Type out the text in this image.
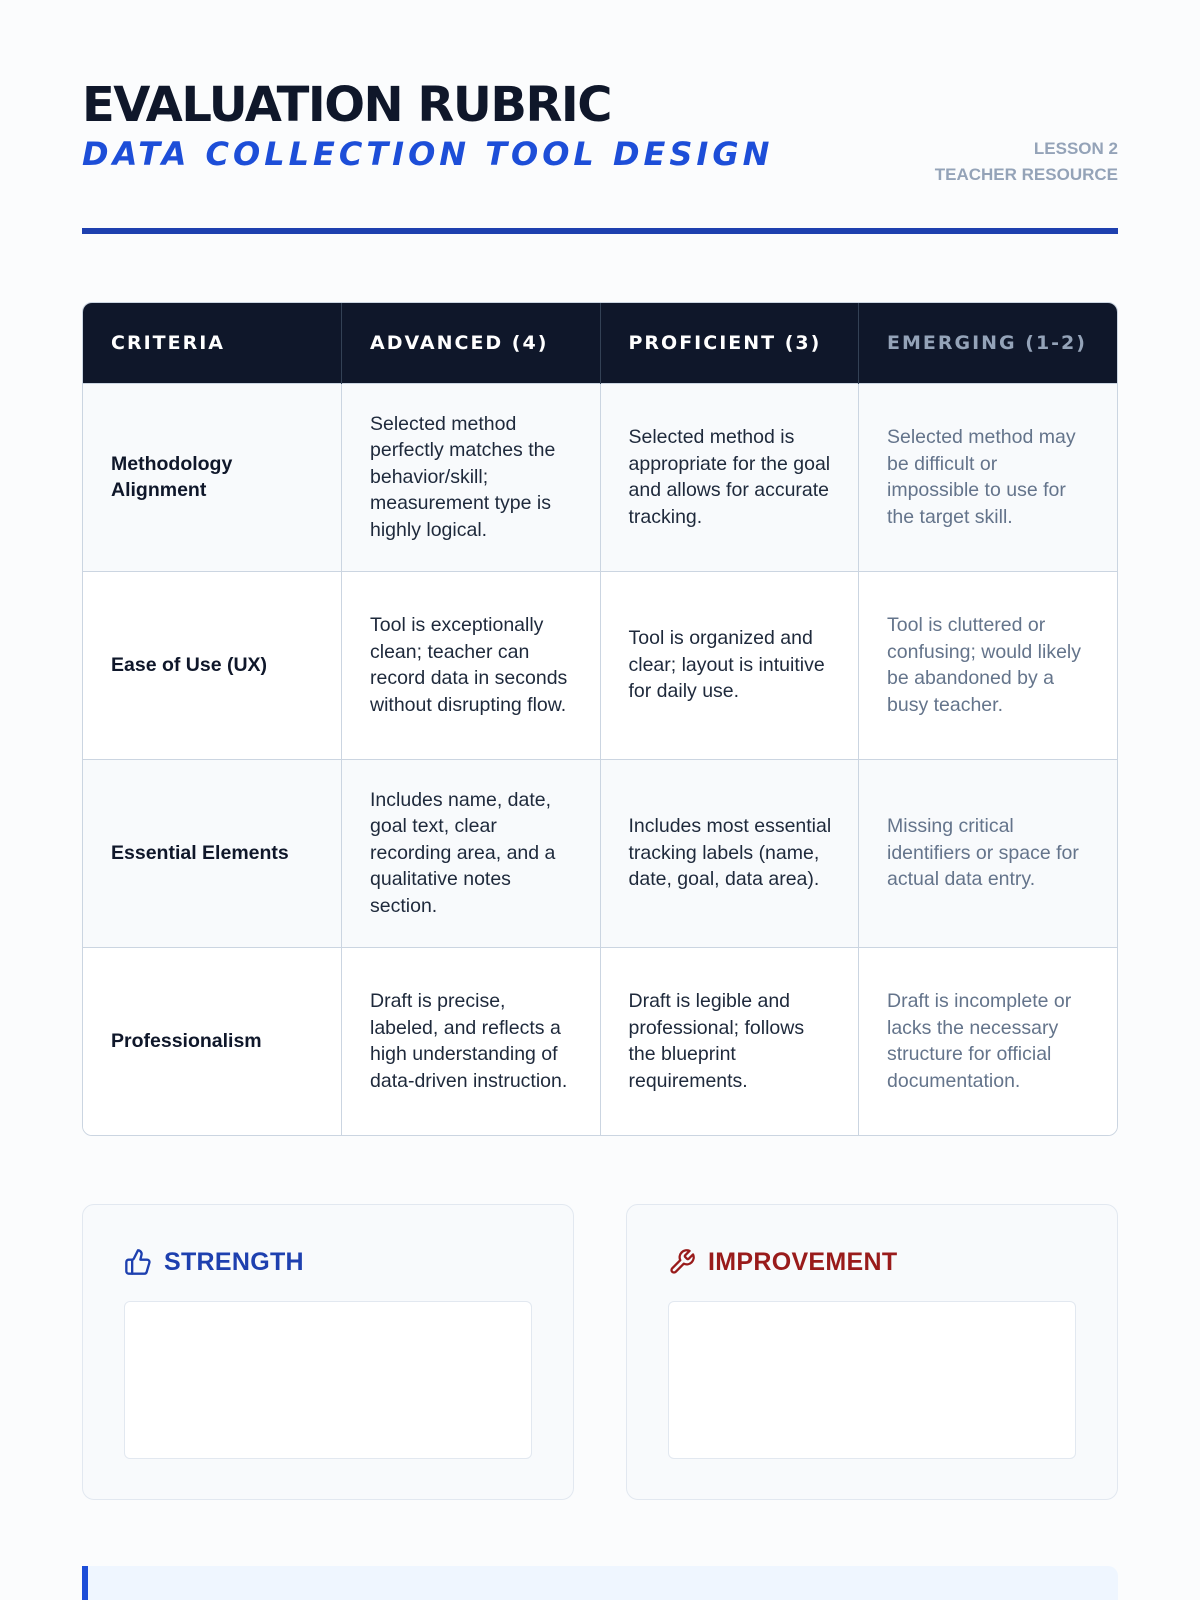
EVALUATION RUBRIC
DATA COLLECTION TOOL DESIGN	LESSON 2
TEACHER RESOURCE
CRITERIA	ADVANCED (4)	PROFICIENT (3)	EMERGING (1-2)
Methodology Alignment	Selected method perfectly matches the behavior/skill; measurement type is highly logical.	Selected method is appropriate for the goal and allows for accurate tracking.	Selected method may be difficult or impossible to use for the target skill.
Ease of Use (UX)	Tool is exceptionally clean; teacher can record data in seconds without disrupting flow.	Tool is organized and clear; layout is intuitive for daily use.	Tool is cluttered or confusing; would likely be abandoned by a busy teacher.
Essential Elements	Includes name, date, goal text, clear recording area, and a qualitative notes section.	Includes most essential tracking labels (name, date, goal, data area).	Missing critical identifiers or space for actual data entry.
Professionalism	Draft is precise, labeled, and reflects a high understanding of data-driven instruction.	Draft is legible and professional; follows the blueprint requirements.	Draft is incomplete or lacks the necessary structure for official documentation.
STRENGTH	IMPROVEMENT
